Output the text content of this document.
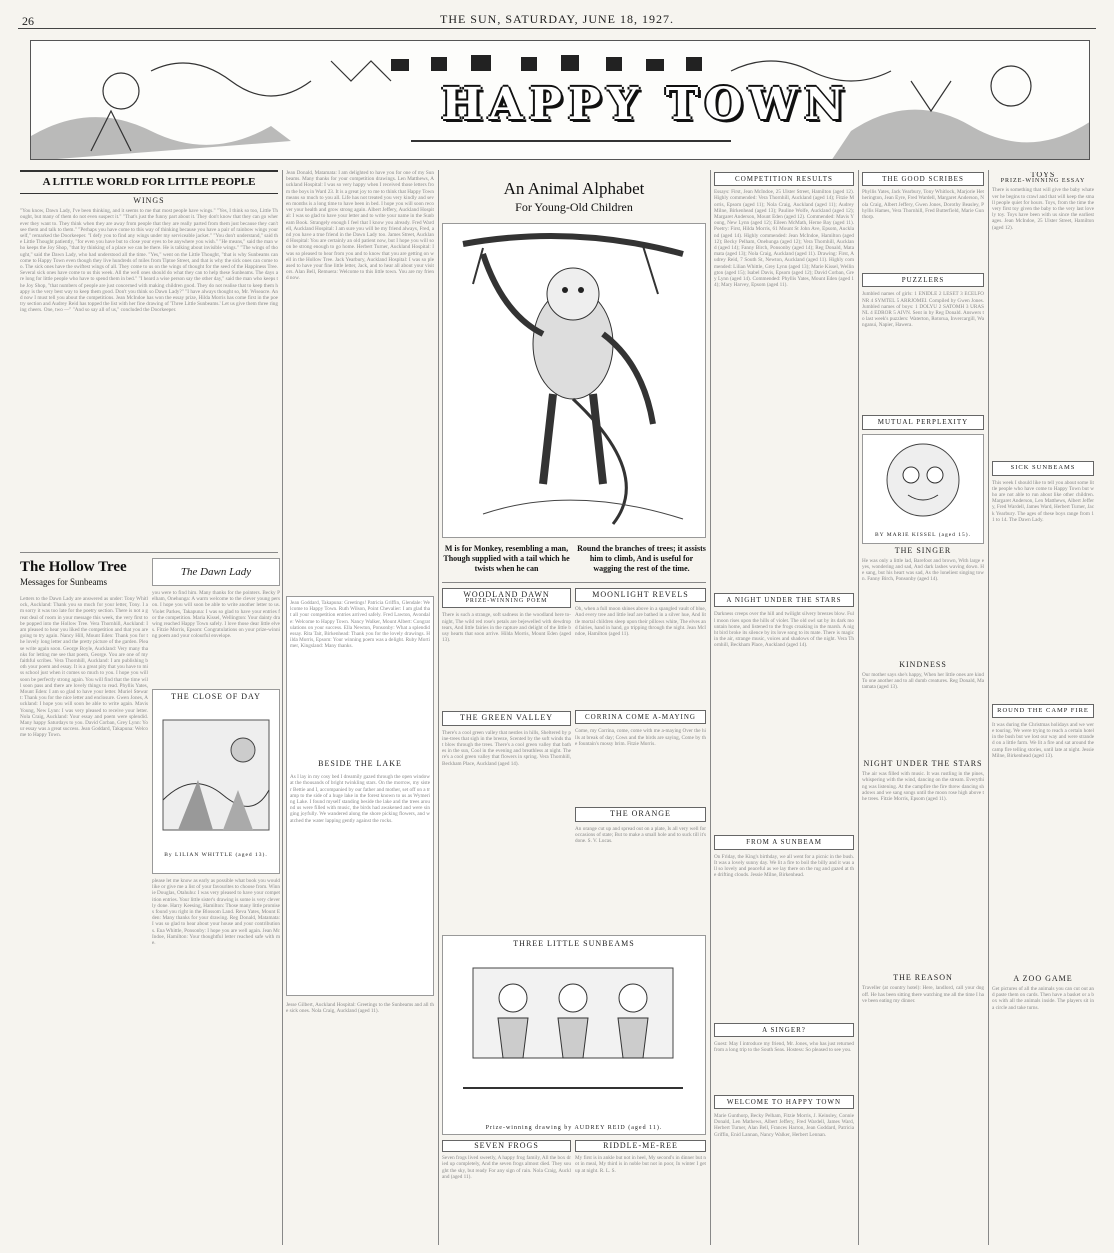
26	THE SUN, SATURDAY, JUNE 18, 1927.
HAPPY TOWN
A LITTLE WORLD FOR LITTLE PEOPLE
WINGS
"You know, Dawn Lady, I've been thinking, and it seems to me that most people have wings." "Yes, I think so too, Little Thought, but many of them do not even suspect it." "That's just the funny part about it. They don't know that they can go wherever they want to. They think when they are away from people that they are really parted from them just because they can't see them and talk to them." "Perhaps you have come to this way of thinking because you have a pair of rainbow wings yourself," remarked the Doorkeeper. "I defy you to find any wings under my serviceable jacket." "You don't understand," said the Little Thought patiently, "for even you have but to close your eyes to be anywhere you wish." "He means," said the man who keeps the Joy Shop, "that by thinking of a place we can be there. He is talking about invisible wings." "The wings of thought," said the Dawn Lady, who had understood all the time. "Yes," went on the Little Thought, "that is why Sunbeams can come to Happy Town even though they live hundreds of miles from Tiptoe Street, and that is why the sick ones can come too. The sick ones have the swiftest wings of all. They come to us on the wings of thought for the seed of the Happiness Tree. Several sick ones have come to us this week. All the well ones should do what they can to help these Sunbeams. The days are long for little people who have to spend them in bed." "I heard a wise person say the other day," said the man who keeps the Joy Shop, "that numbers of people are just concerned with making children good. They do not realise that to keep them happy is the very best way to keep them good. Don't you think so Dawn Lady?" "I have always thought so, Mr. Wiseacre. And now I must tell you about the competitions. Jean McIndoe has won the essay prize, Hilda Morris has come first in the poetry section and Audrey Reid has topped the list with her fine drawing of 'Three Little Sunbeams.' Let us give them three ringing cheers. One, two —" "And so say all of us," concluded the Doorkeeper.
The Hollow Tree
Messages for Sunbeams
Letters to the Dawn Lady are answered as under: Tony Whitlock, Auckland: Thank you so much for your letter, Tony. I am sorry it was too late for the poetry section. There is not a great deal of room in your message this week, the very first to be popped into the Hollow Tree. Vera Thornhill, Auckland: I am pleased to hear you liked the competition and that you are going to try again. Nancy Hill, Mount Eden: Thank you for the lovely long letter and the pretty picture of the garden. Please write again soon. George Boyle, Auckland: Very many thanks for letting me see that poem, George. You are one of my faithful scribes. Vera Thornhill, Auckland: I am publishing both your poem and essay. It is a great pity that you have to miss school just when it comes so much to you. I hope you will soon be perfectly strong again. You will find that the time will soon pass and there are lovely things to read. Phyllis Yates, Mount Eden: I am so glad to have your letter. Muriel Stewart: Thank you for the nice letter and enclosure. Gwen Jones, Auckland: I hope you will soon be able to write again. Mavis Young, New Lynn: I was very pleased to receive your letter. Nola Craig, Auckland: Your essay and poem were splendid. Many happy Saturdays to you. David Corban, Grey Lynn: Your essay was a great success. Jean Goddard, Takapuna: Welcome to Happy Town.
The Dawn Lady
you were to find him. Many thanks for the pointers. Becky Pelham, Onehunga: A warm welcome to the clever young person. I hope you will soon be able to write another letter to us. Violet Parkes, Takapuna: I was so glad to have your entries for the competition. Maria Kissel, Wellington: Your dainty drawing reached Happy Town safely. I love those dear little elves. Fitzie Morris, Epsom: Congratulations on your prize-winning poem and your colourful envelope.
THE CLOSE OF DAY
By LILIAN WHITTLE (aged 13).
please let me know as early as possible what book you would like or give me a list of your favourites to choose from. Winnie Douglas, Otahuhu: I was very pleased to have your competition entries. Your little sister's drawing is some is very cleverly done. Harry Keesing, Hamilton: Those many little promises found you right in the Blossom Land. Reva Yates, Mount Eden: Many thanks for your drawing. Reg Donald, Matamata: I was so glad to hear about your house and your contributions. Ena Whittle, Ponsonby: I hope you are well again. Jean McIndoe, Hamilton: Your thoughtful letter reached safe with me.
Jean Donald, Matamata: I am delighted to have you for one of my Sunbeams. Many thanks for your competition drawings. Len Matthews, Auckland Hospital: I was so very happy when I received those letters from the boys in Ward 23. It is a great joy to me to think that Happy Town means so much to you all. Life has not treated you very kindly and seven months is a long time to have been in bed. I hope you will soon recover your health and grow strong again. Albert Jeffery, Auckland Hospital: I was so glad to have your letter and to write your name in the Sunbeam Book. Strangely enough I feel that I know you already. Fred Wardell, Auckland Hospital: I am sure you will be my friend always, Fred, and you have a true friend in the Dawn Lady too. James Street, Auckland Hospital: You are certainly an old patient now, but I hope you will soon be strong enough to go home. Herbert Turner, Auckland Hospital: I was so pleased to hear from you and to know that you are getting on well in the Hollow Tree. Jack Yearbury, Auckland Hospital: I was so pleased to have your fine little letter, Jack, and to hear all about your visitors. Alan Bell, Remuera: Welcome to this little town. You are my friend now.
Jean Goddard, Takapuna: Greetings! Patricia Griffin, Glendale: Welcome to Happy Town. Ruth Wilson, Point Chevalier: I am glad that all your competition entries arrived safely. Fred Lawton, Avondale: Welcome to Happy Town. Nancy Walker, Mount Albert: Congratulations on your success. Ella Newton, Ponsonby: What a splendid essay. Rita Tait, Birkenhead: Thank you for the lovely drawings. Hilda Morris, Epsom: Your winning poem was a delight. Ruby Mortimer, Kingsland: Many thanks.
BESIDE THE LAKE
As I lay in my cosy bed I dreamily gazed through the open window at the thousands of bright twinkling stars. On the morrow, my sister Bettie and I, accompanied by our father and mother, set off on a tramp to the side of a huge lake in the forest known to us as Wymering Lake. I found myself standing beside the lake and the trees around us were filled with music, the birds had awakened and were singing joyfully. We wandered along the shore picking flowers, and watched the water lapping gently against the rocks.
Jesse Gilbert, Auckland Hospital: Greetings to the Sunbeams and all the sick ones. Nola Craig, Auckland (aged 11).
An Animal Alphabet
For Young-Old Children
M is for Monkey, resembling a man, Though supplied with a tail which he twists when he can
Round the branches of trees; it assists him to climb, And is useful for wagging the rest of the time.
WOODLAND DAWN
PRIZE-WINNING POEM
There is such a strange, soft sadness in the woodland here to-night, The wild red rose's petals are bejewelled with dewdrop tears, And little fairies in the rapture and delight of the little busy hearts that soon arrive. Hilda Morris, Mount Eden (aged 13).
THE GREEN VALLEY
There's a cool green valley that nestles in hills, Sheltered by pine-trees that sigh in the breeze, Scented by the soft winds that blow through the trees. There's a cool green valley that bathes in the sun, Cool in the evening and breathless at night. There's a cool green valley that flowers in spring. Vera Thornhill, Beckham Place, Auckland (aged 14).
MOONLIGHT REVELS
Oh, when a full moon shines above in a spangled vault of blue, And every tree and little leaf are bathed in a silver hue, And little mortal children sleep upon their pillows white, The elves and fairies, hand in hand, go tripping through the night. Jean McIndoe, Hamilton (aged 11).
CORRINA COME A-MAYING
Come, my Corrina, come, come with me a-maying Over the hills at break of day; Cows and the birds are saying, Come by the fountain's mossy brim. Fitzie Morris.
THE ORANGE
An orange cut up and spread out on a plate, Is all very well for occasions of state; But to make a small hole and to suck till it's done. S. V. Lucas.
THREE LITTLE SUNBEAMS
Prize-winning drawing by AUDREY REID (aged 11).
SEVEN FROGS
Seven frogs lived sweetly, A happy frog family, All the box dried up completely, And the seven frogs almost died. They sought the sky, but ready For any sign of rain. Nola Craig, Auckland (aged 11).
RIDDLE-ME-REE
My first is in ankle but not in heel, My second's in dinner but not in meal, My third is in noble but not in poor, In winter I get up at night. R. L. S.
COMPETITION RESULTS
Essays: First, Jean McIndoe, 25 Ulster Street, Hamilton (aged 12). Highly commended: Vera Thornhill, Auckland (aged 14); Fitzie Morris, Epsom (aged 11); Nola Craig, Auckland (aged 11); Audrey Milne, Birkenhead (aged 13); Pauline Wolfe, Auckland (aged 12); Margaret Anderson, Mount Eden (aged 12). Commended: Mavis Young, New Lynn (aged 12); Eileen McMath, Herne Bay (aged 11). Poetry: First, Hilda Morris, 61 Mount St John Ave, Epsom, Auckland (aged 14). Highly commended: Jean McIndoe, Hamilton (aged 12); Becky Pelham, Onehunga (aged 12); Vera Thornhill, Auckland (aged 14); Fanny Birch, Ponsonby (aged 14); Reg Donald, Matamata (aged 13); Nola Craig, Auckland (aged 11). Drawing: First, Audrey Reid, 7 South St, Newton, Auckland (aged 11). Highly commended: Lilian Whittle, Grey Lynn (aged 13); Marie Kissel, Wellington (aged 15); Isabel Davis, Epsom (aged 12); David Corban, Grey Lynn (aged 14). Commended: Phyllis Yates, Mount Eden (aged 14); Mary Harvey, Epsom (aged 11).
A NIGHT UNDER THE STARS
Darkness creeps over the hill and twilight silvery breezes blow. Full moon rises upon the hills of violet. The old owl sat by its dark mountain home, and listened to the frogs croaking in the marsh. A night bird broke its silence by its love song to its mate. There is magic in the air, strange music, voices and shadows of the night. Vera Thornhill, Beckham Place, Auckland (aged 14).
FROM A SUNBEAM
On Friday, the King's birthday, we all went for a picnic in the bush. It was a lovely sunny day. We lit a fire to boil the billy and it was all so lovely and peaceful as we lay there on the rug and gazed at the drifting clouds. Jessie Milne, Birkenhead.
A SINGER?
Guest: May I introduce my friend, Mr. Jones, who has just returned from a long trip to the South Seas. Hostess: So pleased to see you.
WELCOME TO HAPPY TOWN
Marie Gunthorp, Becky Pelham, Fitzie Morris, J. Keinsley, Connie Donald, Len Mathews, Albert Jeffery, Fred Wardell, James Ward, Herbert Turner, Alan Bell, Frances Harron, Jean Goddard, Patricia Griffin, Enid Lannan, Nancy Walker, Herbert Lennan.
THE GOOD SCRIBES
Phyllis Yates, Jack Yearbury, Tony Whitlock, Marjorie Hetherington, Jean Eyre, Fred Wardell, Margaret Anderson, Nola Craig, Albert Jeffery, Gwen Jones, Dorothy Beasley, Phyllis Hames, Vera Thornhill, Fred Butterfield, Marie Gunthorp.
PUZZLERS
Jumbled names of girls: 1 ENIDLE 2 LESET 3 ECELFONR 4 SYMTEL 5 ARRJOMEI. Compiled by Gwen Jones. Jumbled names of boys: 1 DOLYU 2 SATOMH 3 URASNL 4 EDROR 5 AIVN. Sent in by Reg Donald. Answers to last week's puzzlers: Waterton, Rotorua, Invercargill, Wanganui, Napier, Hawera.
MUTUAL PERPLEXITY
BY MARIE KISSEL (aged 15).
THE SINGER
He was only a little lad, Barefoot and brown, With large eyes, wondering and sad, And dark lashes waving down. He sang, but his heart was sad, As the loneliest singing town. Fanny Birch, Ponsonby (aged 14).
KINDNESS
Our mother says she's happy, When her little ones are kind To one another and to all dumb creatures. Reg Donald, Matamata (aged 13).
NIGHT UNDER THE STARS
The air was filled with music. It was rustling in the pines, whispering with the wind, dancing on the stream. Everything was listening. At the campfire the fire threw dancing shadows and we sang songs until the moon rose high above the trees. Fitzie Morris, Epsom (aged 11).
THE REASON
Traveller (at country hotel): Here, landlord, call your dog off. He has been sitting there watching me all the time I have been eating my dinner.
TOYS
PRIZE-WINNING ESSAY
There is something that will give the baby whatever he begins to crawl and that will keep the small people quiet for hours. Toys, from the time the very first toy given the baby to the very last lovely toy. Toys have been with us since the earliest ages. Jean McIndoe, 25 Ulster Street, Hamilton (aged 12).
SICK SUNBEAMS
This week I should like to tell you about some little people who have come to Happy Town but who are not able to run about like other children. Margaret Anderson, Len Matthews, Albert Jeffery, Fred Wardell, James Ward, Herbert Turner, Jack Yearbury. The ages of these boys range from 11 to 14. The Dawn Lady.
ROUND THE CAMP FIRE
It was during the Christmas holidays and we were touring. We were trying to reach a certain hotel in the bush but we lost our way and were stranded on a little farm. We lit a fire and sat around the camp fire telling stories, until late at night. Jessie Milne, Birkenhead (aged 13).
A ZOO GAME
Get pictures of all the animals you can cut out and paste them on cards. Then have a basket or a box with all the animals inside. The players sit in a circle and take turns.
